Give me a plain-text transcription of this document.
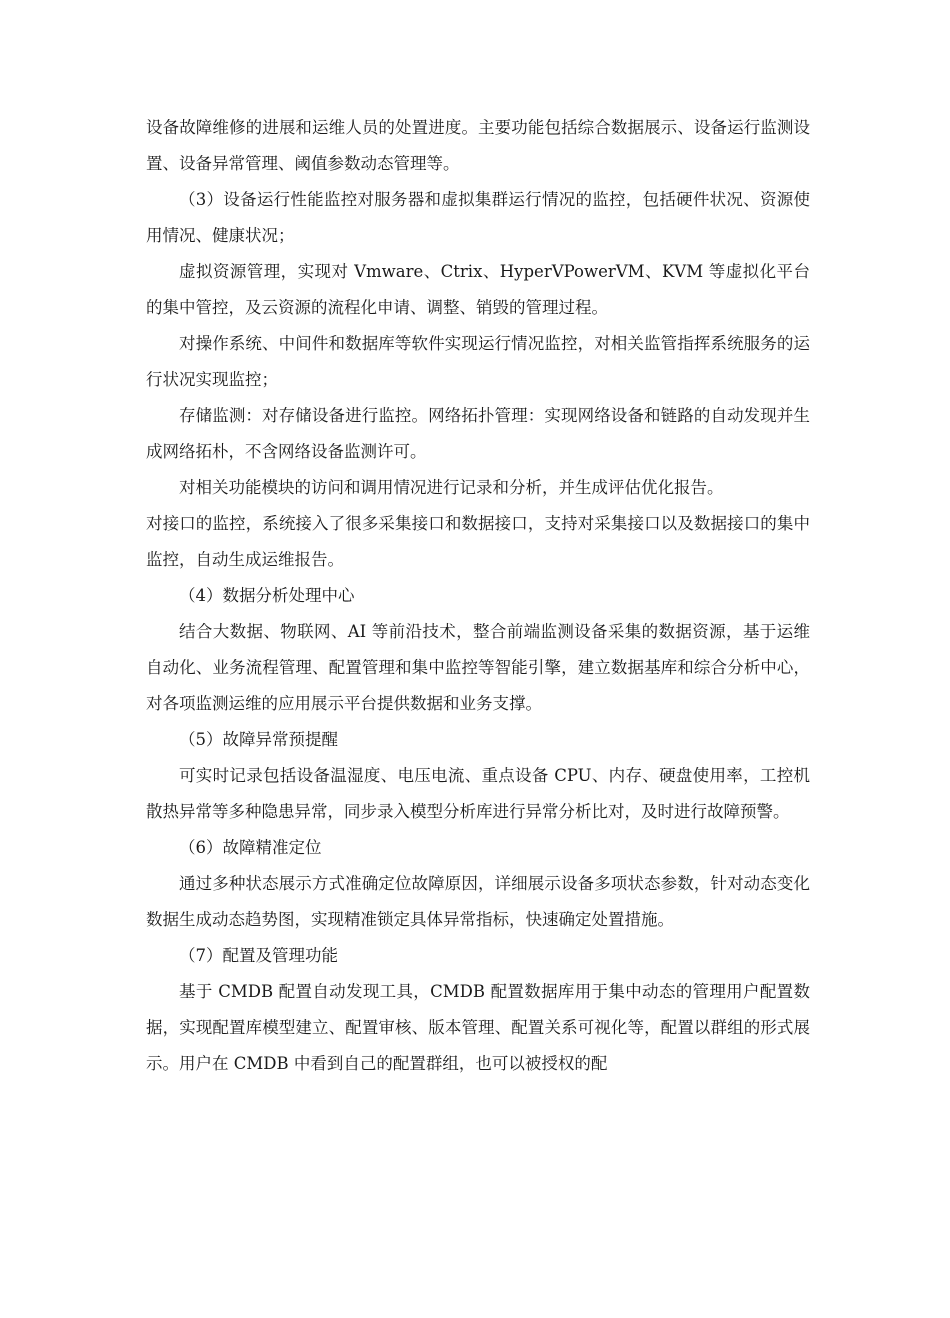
设备故障维修的进展和运维人员的处置进度。主要功能包括综合数据展示、设备运行监测设置、设备异常管理、阈值参数动态管理等。

（3）设备运行性能监控对服务器和虚拟集群运行情况的监控，包括硬件状况、资源使用情况、健康状况；

虚拟资源管理，实现对 Vmware、Ctrix、HyperVPowerVM、KVM 等虚拟化平台的集中管控，及云资源的流程化申请、调整、销毁的管理过程。

对操作系统、中间件和数据库等软件实现运行情况监控，对相关监管指挥系统服务的运行状况实现监控；

存储监测：对存储设备进行监控。网络拓扑管理：实现网络设备和链路的自动发现并生成网络拓朴，不含网络设备监测许可。

对相关功能模块的访问和调用情况进行记录和分析，并生成评估优化报告。

对接口的监控，系统接入了很多采集接口和数据接口，支持对采集接口以及数据接口的集中监控，自动生成运维报告。

（4）数据分析处理中心

结合大数据、物联网、AI 等前沿技术，整合前端监测设备采集的数据资源，基于运维自动化、业务流程管理、配置管理和集中监控等智能引擎，建立数据基库和综合分析中心，对各项监测运维的应用展示平台提供数据和业务支撑。

（5）故障异常预提醒

可实时记录包括设备温湿度、电压电流、重点设备 CPU、内存、硬盘使用率，工控机散热异常等多种隐患异常，同步录入模型分析库进行异常分析比对，及时进行故障预警。

（6）故障精准定位

通过多种状态展示方式准确定位故障原因，详细展示设备多项状态参数，针对动态变化数据生成动态趋势图，实现精准锁定具体异常指标，快速确定处置措施。

（7）配置及管理功能

基于 CMDB 配置自动发现工具，CMDB 配置数据库用于集中动态的管理用户配置数据，实现配置库模型建立、配置审核、版本管理、配置关系可视化等，配置以群组的形式展示。用户在 CMDB 中看到自己的配置群组，也可以被授权的配
